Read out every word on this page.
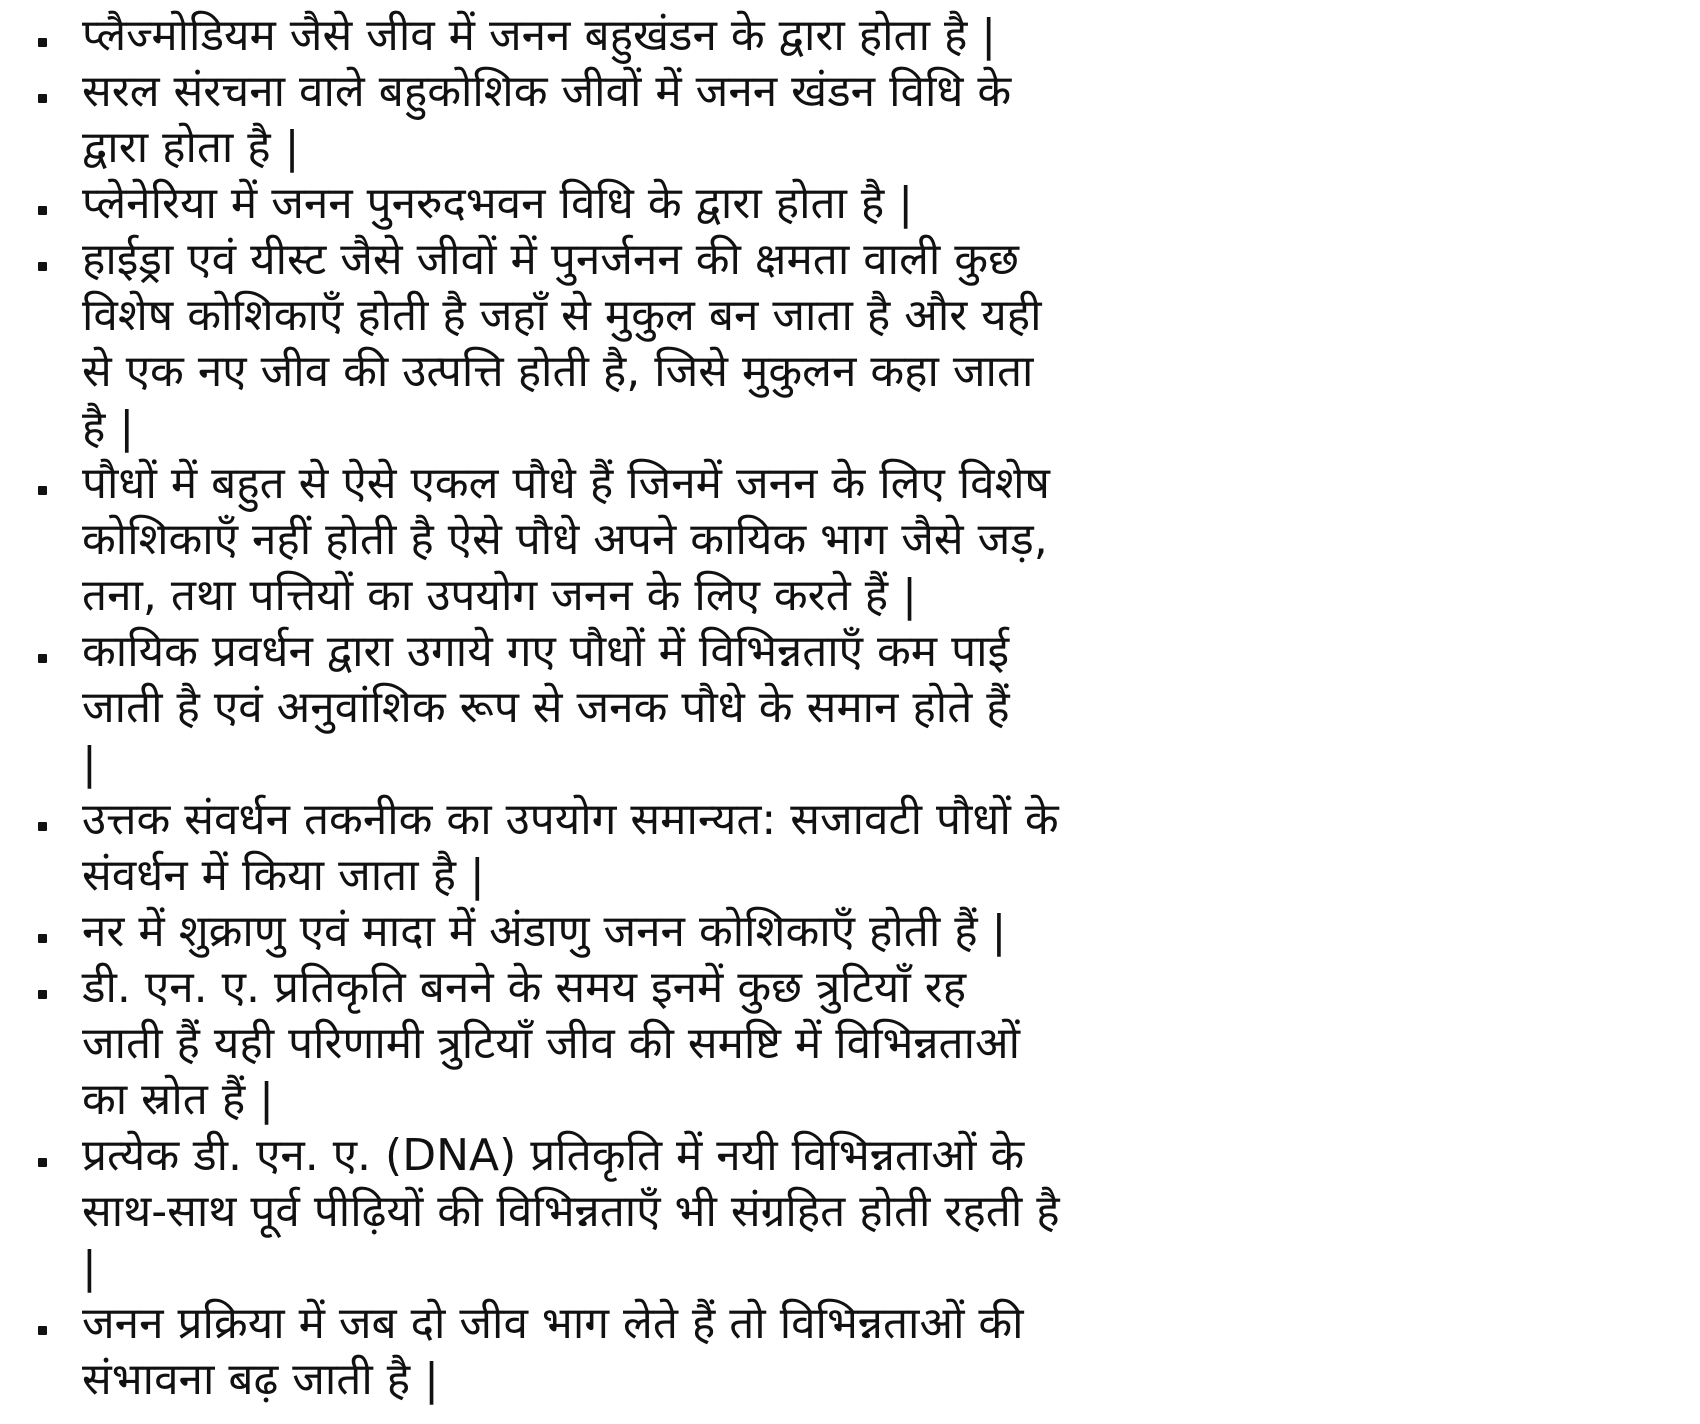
प्लैज्मोडियम जैसे जीव में जनन बहुखंडन के द्वारा होता है |
सरल संरचना वाले बहुकोशिक जीवों में जनन खंडन विधि के
द्वारा होता है |
प्लेनेरिया में जनन पुनरुदभवन विधि के द्वारा होता है |
हाईड्रा एवं यीस्ट जैसे जीवों में पुनर्जनन की क्षमता वाली कुछ
विशेष कोशिकाएँ होती है जहाँ से मुकुल बन जाता है और यही
से एक नए जीव की उत्पत्ति होती है, जिसे मुकुलन कहा जाता
है |
पौधों में बहुत से ऐसे एकल पौधे हैं जिनमें जनन के लिए विशेष
कोशिकाएँ नहीं होती है ऐसे पौधे अपने कायिक भाग जैसे जड़,
तना, तथा पत्तियों का उपयोग जनन के लिए करते हैं |
कायिक प्रवर्धन द्वारा उगाये गए पौधों में विभिन्नताएँ कम पाई
जाती है एवं अनुवांशिक रूप से जनक पौधे के समान होते हैं
|
उत्तक संवर्धन तकनीक का उपयोग समान्यत: सजावटी पौधों के
संवर्धन में किया जाता है |
नर में शुक्राणु एवं मादा में अंडाणु जनन कोशिकाएँ होती हैं |
डी. एन. ए. प्रतिकृति बनने के समय इनमें कुछ त्रुटियाँ रह
जाती हैं यही परिणामी त्रुटियाँ जीव की समष्टि में विभिन्नताओं
का स्रोत हैं |
प्रत्येक डी. एन. ए. (DNA) प्रतिकृति में नयी विभिन्नताओं के
साथ-साथ पूर्व पीढ़ियों की विभिन्नताएँ भी संग्रहित होती रहती है
|
जनन प्रक्रिया में जब दो जीव भाग लेते हैं तो विभिन्नताओं की
संभावना बढ़ जाती है |
